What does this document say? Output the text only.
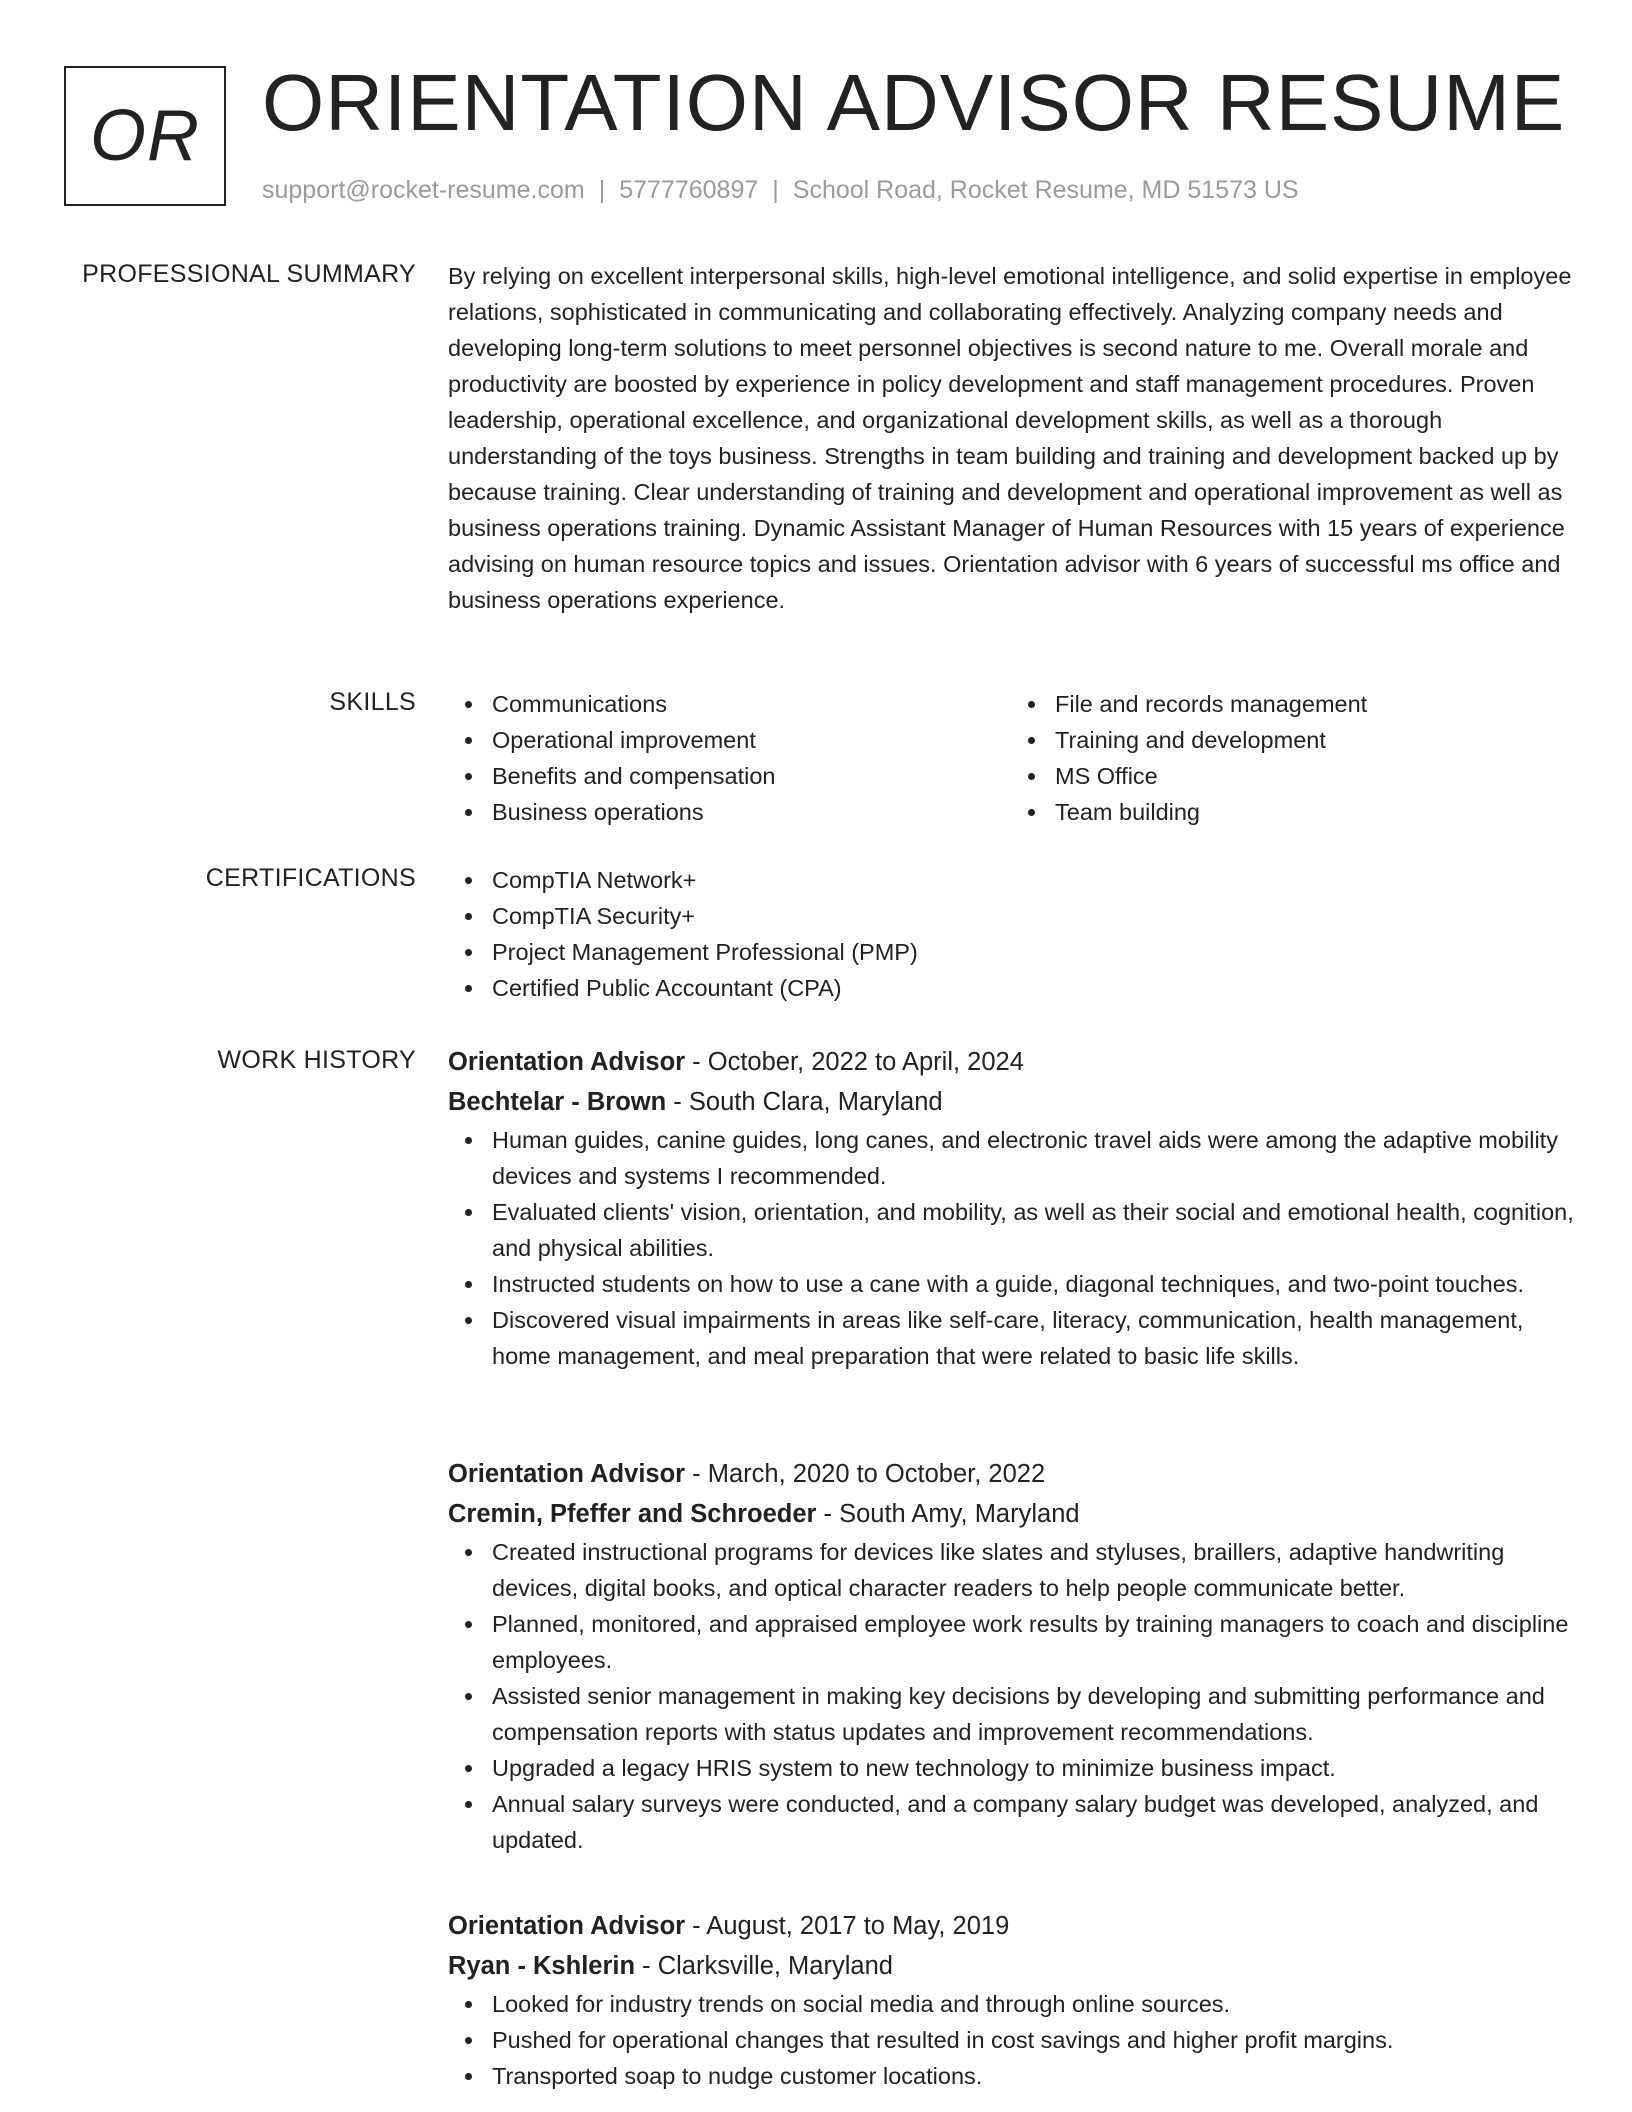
OR ORIENTATION ADVISOR RESUME
support@rocket-resume.com | 5777760897 | School Road, Rocket Resume, MD 51573 US
PROFESSIONAL SUMMARY By relying on excellent interpersonal skills, high-level emotional intelligence, and solid expertise in employee relations, sophisticated in communicating and collaborating effectively. Analyzing company needs and developing long-term solutions to meet personnel objectives is second nature to me. Overall morale and productivity are boosted by experience in policy development and staff management procedures. Proven leadership, operational excellence, and organizational development skills, as well as a thorough understanding of the toys business. Strengths in team building and training and development backed up by because training. Clear understanding of training and development and operational improvement as well as business operations training. Dynamic Assistant Manager of Human Resources with 15 years of experience advising on human resource topics and issues. Orientation advisor with 6 years of successful ms office and business operations experience.
SKILLS	Communications
Operational improvement
Benefits and compensation
Business operations
File and records management
Training and development
MS Office
Team building
CERTIFICATIONS	CompTIA Network+
CompTIA Security+
Project Management Professional (PMP)
Certified Public Accountant (CPA)
WORK HISTORY Orientation Advisor - October, 2022 to April, 2024
Bechtelar - Brown - South Clara, Maryland
Human guides, canine guides, long canes, and electronic travel aids were among the adaptive mobility devices and systems I recommended.
Evaluated clients' vision, orientation, and mobility, as well as their social and emotional health, cognition, and physical abilities.
Instructed students on how to use a cane with a guide, diagonal techniques, and two-point touches.
Discovered visual impairments in areas like self-care, literacy, communication, health management, home management, and meal preparation that were related to basic life skills.
Orientation Advisor - March, 2020 to October, 2022
Cremin, Pfeffer and Schroeder - South Amy, Maryland
Created instructional programs for devices like slates and styluses, braillers, adaptive handwriting devices, digital books, and optical character readers to help people communicate better.
Planned, monitored, and appraised employee work results by training managers to coach and discipline employees.
Assisted senior management in making key decisions by developing and submitting performance and compensation reports with status updates and improvement recommendations.
Upgraded a legacy HRIS system to new technology to minimize business impact.
Annual salary surveys were conducted, and a company salary budget was developed, analyzed, and updated.
Orientation Advisor - August, 2017 to May, 2019
Ryan - Kshlerin - Clarksville, Maryland
Looked for industry trends on social media and through online sources.
Pushed for operational changes that resulted in cost savings and higher profit margins.
Transported soap to nudge customer locations.
